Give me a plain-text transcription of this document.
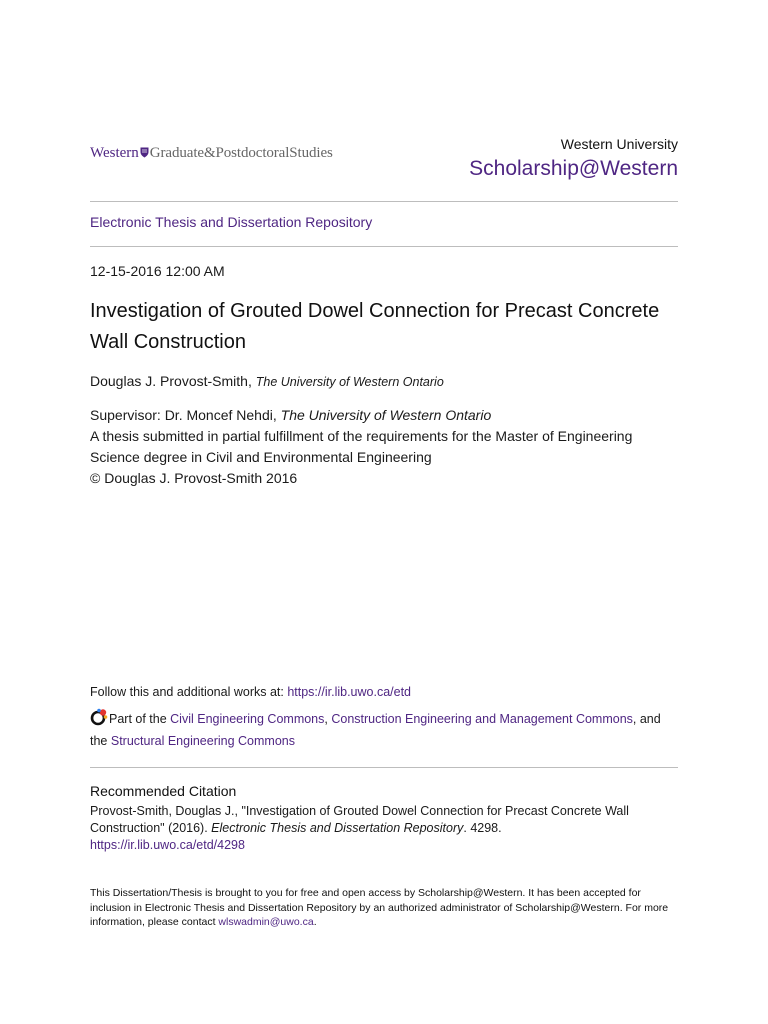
Western Graduate&PostdoctoralStudies
Western University
Scholarship@Western
Electronic Thesis and Dissertation Repository
12-15-2016 12:00 AM
Investigation of Grouted Dowel Connection for Precast Concrete Wall Construction
Douglas J. Provost-Smith, The University of Western Ontario
Supervisor: Dr. Moncef Nehdi, The University of Western Ontario
A thesis submitted in partial fulfillment of the requirements for the Master of Engineering Science degree in Civil and Environmental Engineering
© Douglas J. Provost-Smith 2016
Follow this and additional works at: https://ir.lib.uwo.ca/etd
Part of the Civil Engineering Commons, Construction Engineering and Management Commons, and the Structural Engineering Commons
Recommended Citation
Provost-Smith, Douglas J., "Investigation of Grouted Dowel Connection for Precast Concrete Wall Construction" (2016). Electronic Thesis and Dissertation Repository. 4298.
https://ir.lib.uwo.ca/etd/4298
This Dissertation/Thesis is brought to you for free and open access by Scholarship@Western. It has been accepted for inclusion in Electronic Thesis and Dissertation Repository by an authorized administrator of Scholarship@Western. For more information, please contact wlswadmin@uwo.ca.
